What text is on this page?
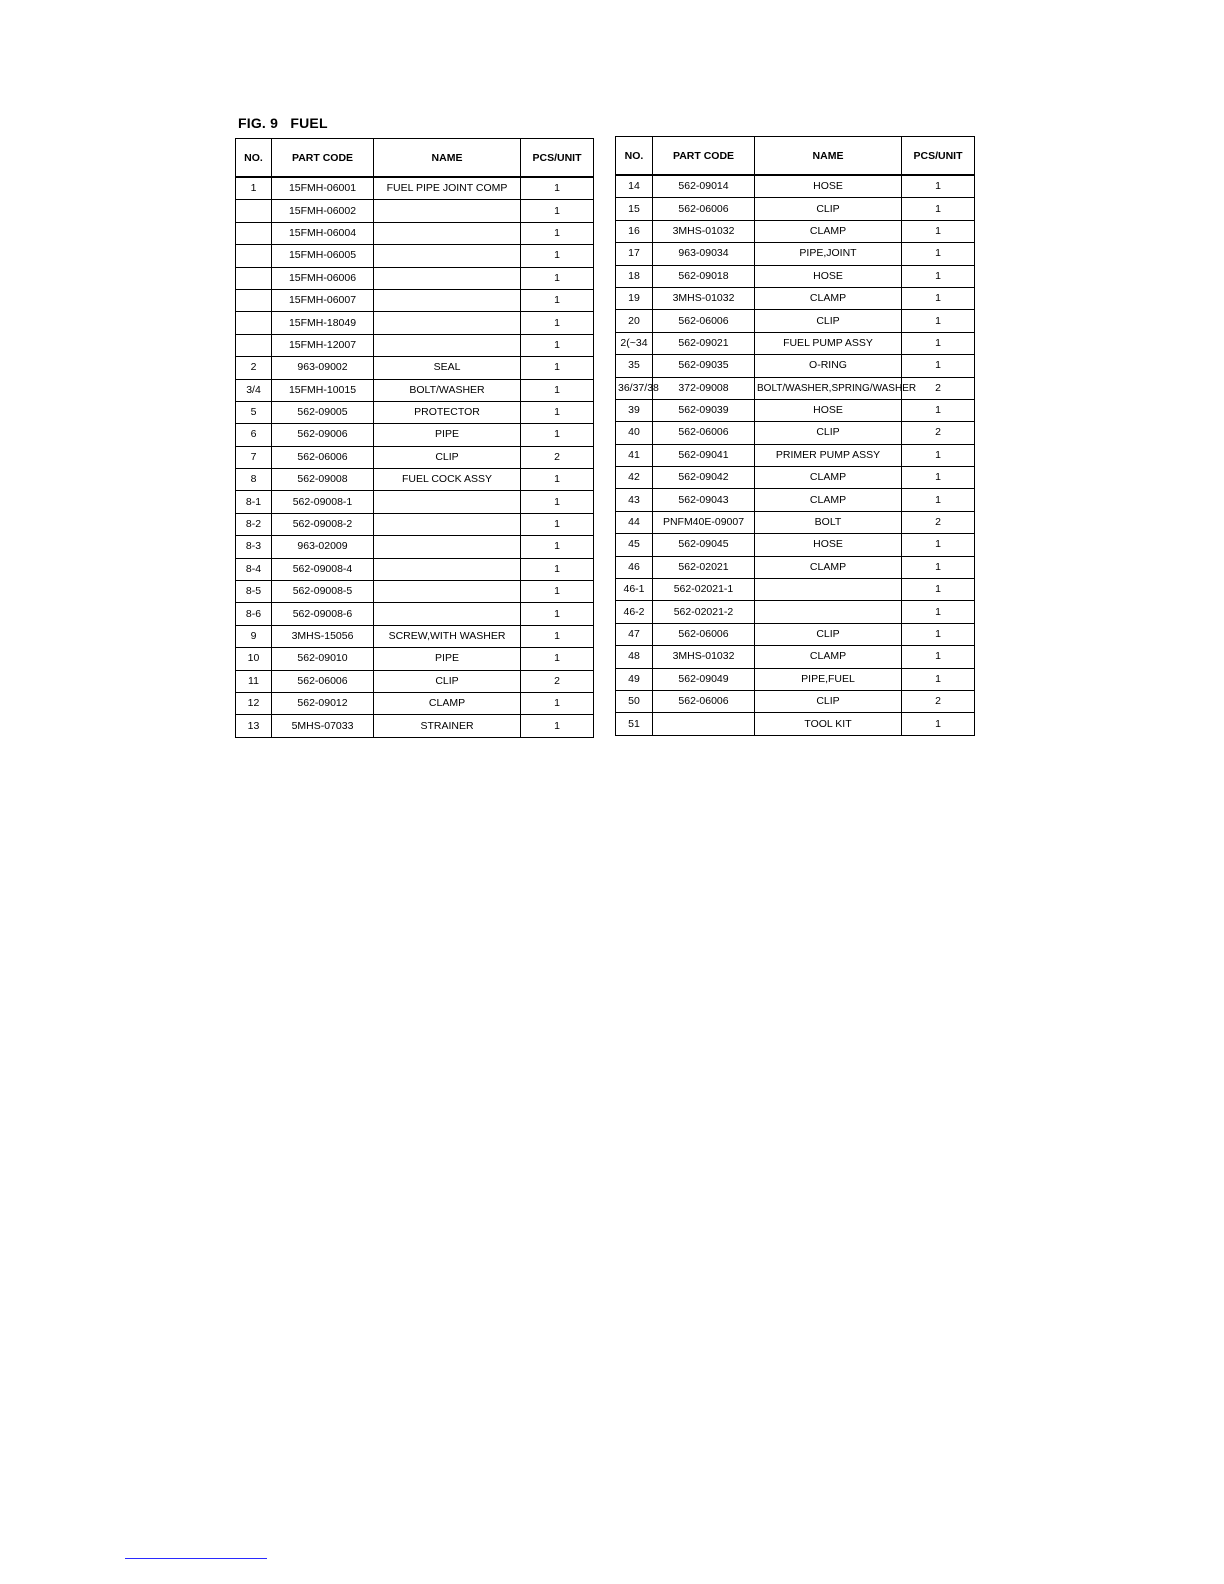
FIG. 9   FUEL
NO.	PART CODE	NAME	PCS/UNIT
1	15FMH-06001	FUEL PIPE JOINT COMP	1
	15FMH-06002		1
	15FMH-06004		1
	15FMH-06005		1
	15FMH-06006		1
	15FMH-06007		1
	15FMH-18049		1
	15FMH-12007		1
2	963-09002	SEAL	1
3/4	15FMH-10015	BOLT/WASHER	1
5	562-09005	PROTECTOR	1
6	562-09006	PIPE	1
7	562-06006	CLIP	2
8	562-09008	FUEL COCK ASSY	1
8-1	562-09008-1		1
8-2	562-09008-2		1
8-3	963-02009		1
8-4	562-09008-4		1
8-5	562-09008-5		1
8-6	562-09008-6		1
9	3MHS-15056	SCREW,WITH WASHER	1
10	562-09010	PIPE	1
11	562-06006	CLIP	2
12	562-09012	CLAMP	1
13	5MHS-07033	STRAINER	1
NO.	PART CODE	NAME	PCS/UNIT
14	562-09014	HOSE	1
15	562-06006	CLIP	1
16	3MHS-01032	CLAMP	1
17	963-09034	PIPE,JOINT	1
18	562-09018	HOSE	1
19	3MHS-01032	CLAMP	1
20	562-06006	CLIP	1
2(~34	562-09021	FUEL PUMP ASSY	1
35	562-09035	O-RING	1
36/37/38	372-09008	BOLT/WASHER,SPRING/WASHER	2
39	562-09039	HOSE	1
40	562-06006	CLIP	2
41	562-09041	PRIMER PUMP ASSY	1
42	562-09042	CLAMP	1
43	562-09043	CLAMP	1
44	PNFM40E-09007	BOLT	2
45	562-09045	HOSE	1
46	562-02021	CLAMP	1
46-1	562-02021-1		1
46-2	562-02021-2		1
47	562-06006	CLIP	1
48	3MHS-01032	CLAMP	1
49	562-09049	PIPE,FUEL	1
50	562-06006	CLIP	2
51		TOOL KIT	1
